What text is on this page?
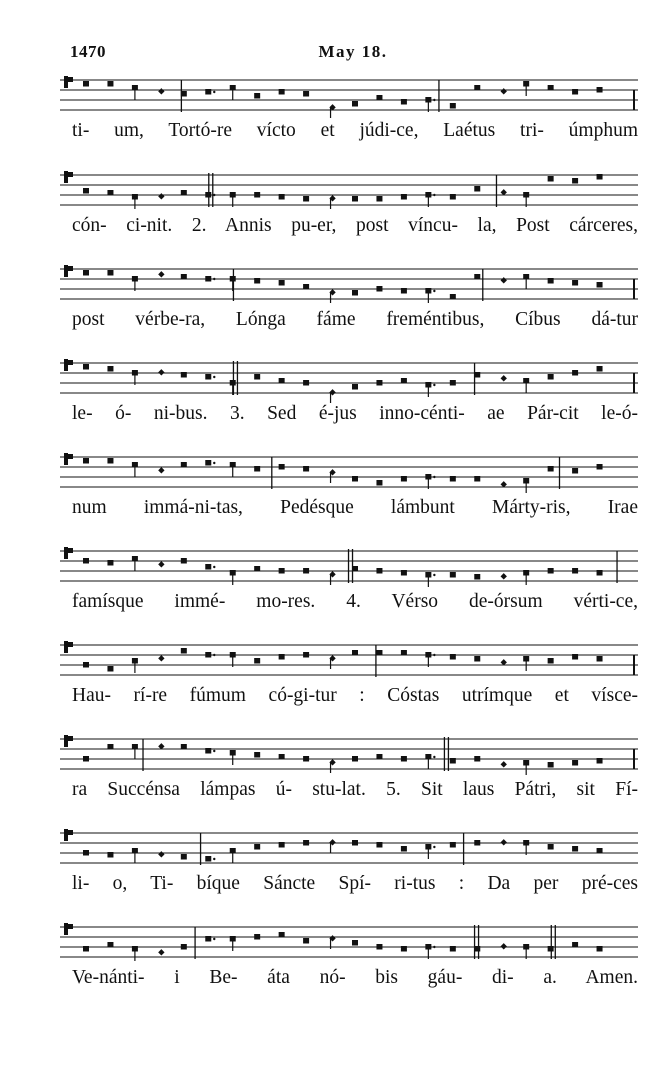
1470	May 18.
ti- um, Tortó-re vícto et júdi-ce, Laétus tri- úmphum
cón- ci-nit. 2. Annis pu-er, post víncu- la, Post cárceres,
post vérbe-ra, Lónga fáme freméntibus, Cíbus dá-tur
le- ó- ni-bus. 3. Sed é-jus inno-cénti- ae Pár-cit le-ó-
num immá-ni-tas, Pedésque lámbunt Márty-ris, Irae
famísque immé- mo-res. 4. Vérso de-órsum vérti-ce,
Hau- rí-re fúmum có-gi-tur : Cóstas utrímque et vísce-
ra Succénsa lámpas ú- stu-lat. 5. Sit laus Pátri, sit Fí-
li- o, Ti- bíque Sáncte Spí- ri-tus : Da per pré-ces
Ve-nánti- i Be- áta nó- bis gáu- di- a. Amen.
